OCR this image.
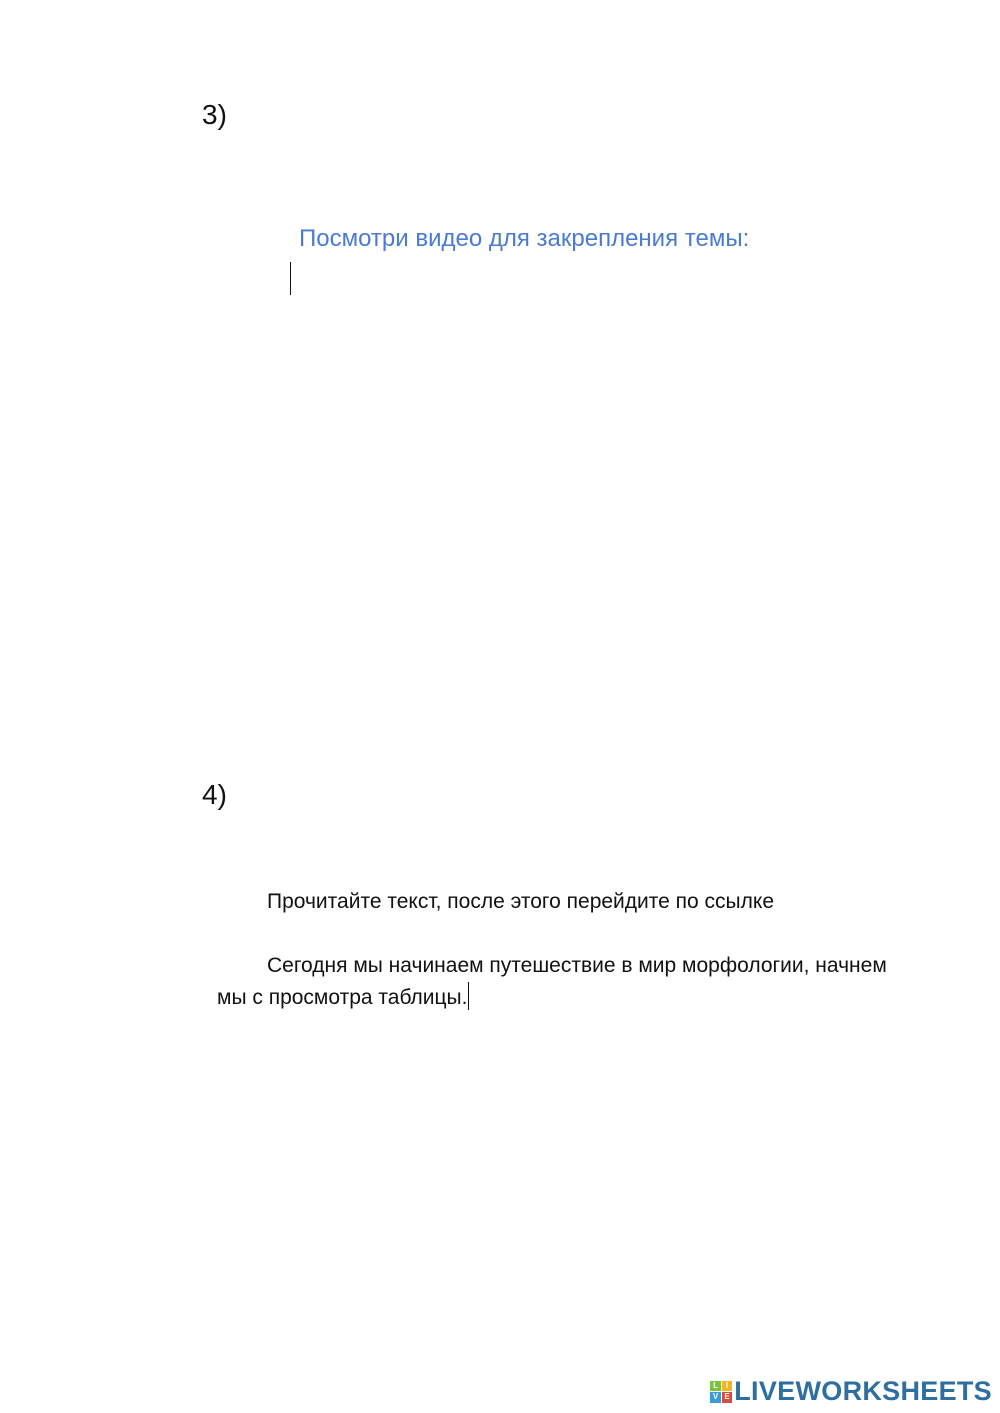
3)
Посмотри видео для закрепления темы:
4)

Прочитайте текст, после этого перейдите по ссылке

Сегодня мы начинаем путешествие в мир морфологии, начнем мы с просмотра таблицы.

L I
V E LIVEWORKSHEETS
